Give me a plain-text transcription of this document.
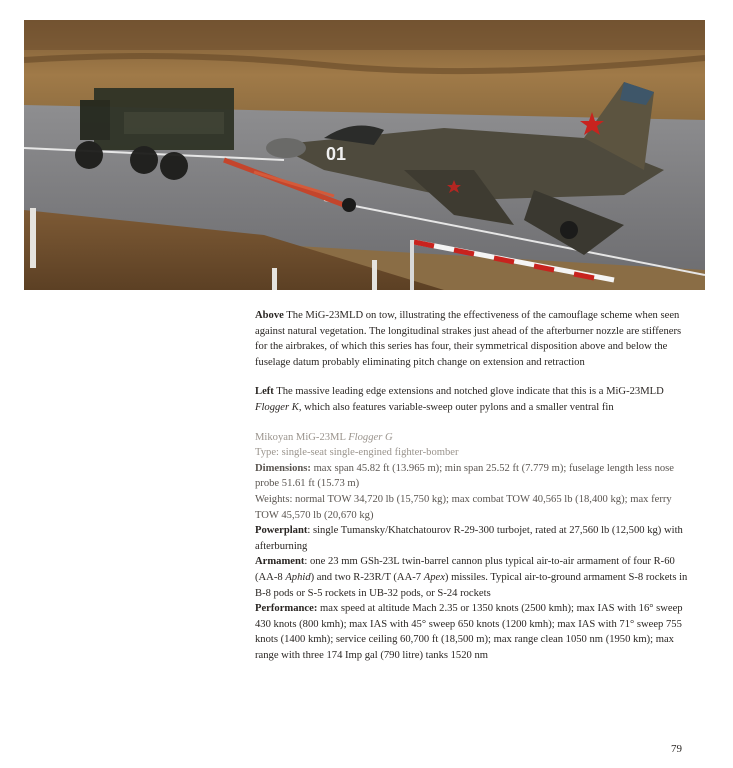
01

Above The MiG-23MLD on tow, illustrating the effectiveness of the camouflage scheme when seen against natural vegetation. The longitudinal strakes just ahead of the afterburner nozzle are stiffeners for the airbrakes, of which this series has four, their symmetrical disposition above and below the fuselage datum probably eliminating pitch change on extension and retraction

Left The massive leading edge extensions and notched glove indicate that this is a MiG-23MLD Flogger K, which also features variable-sweep outer pylons and a smaller ventral fin

Mikoyan MiG-23ML Flogger G

Type: single-seat single-engined fighter-bomber

Dimensions: max span 45.82 ft (13.965 m); min span 25.52 ft (7.779 m); fuselage length less nose probe 51.61 ft (15.73 m)

Weights: normal TOW 34,720 lb (15,750 kg); max combat TOW 40,565 lb (18,400 kg); max ferry TOW 45,570 lb (20,670 kg)

Powerplant: single Tumansky/Khatchatourov R-29-300 turbojet, rated at 27,560 lb (12,500 kg) with afterburning

Armament: one 23 mm GSh-23L twin-barrel cannon plus typical air-to-air armament of four R-60 (AA-8 Aphid) and two R-23R/T (AA-7 Apex) missiles. Typical air-to-ground armament S-8 rockets in B-8 pods or S-5 rockets in UB-32 pods, or S-24 rockets

Performance: max speed at altitude Mach 2.35 or 1350 knots (2500 kmh); max IAS with 16° sweep 430 knots (800 kmh); max IAS with 45° sweep 650 knots (1200 kmh); max IAS with 71° sweep 755 knots (1400 kmh); service ceiling 60,700 ft (18,500 m); max range clean 1050 nm (1950 km); max range with three 174 Imp gal (790 litre) tanks 1520 nm

79
